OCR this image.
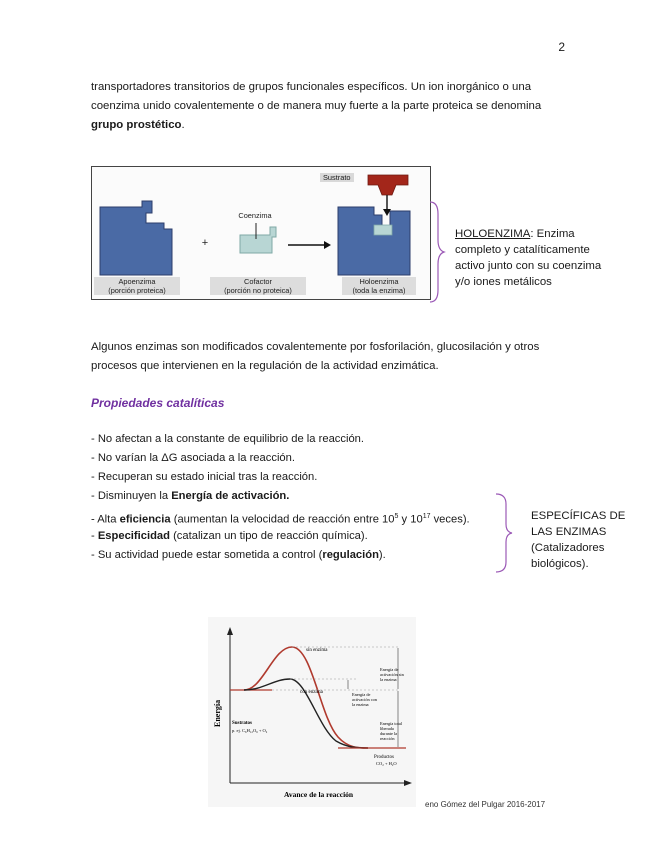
2
transportadores transitorios de grupos funcionales específicos. Un ion inorgánico o una
coenzima unido covalentemente o de manera muy fuerte a la parte proteica se denomina
grupo prostético.
Sustrato
Coenzima
+
Apoenzima
(porción proteica)
Cofactor
(porción no proteica)
Holoenzima
(toda la enzima)
HOLOENZIMA: Enzima
completo y catalíticamente
activo junto con su coenzima
y/o iones metálicos
Algunos enzimas son modificados covalentemente por fosforilación, glucosilación y otros
procesos que intervienen en la regulación de la actividad enzimática.
Propiedades catalíticas
- No afectan a la constante de equilibrio de la reacción.
- No varían la ΔG asociada a la reacción.
- Recuperan su estado inicial tras la reacción.
- Disminuyen la Energía de activación.
- Alta eficiencia (aumentan la velocidad de reacción entre $10^5$ y $10^{17}$ veces).
- Especificidad (catalizan un tipo de reacción química).
- Su actividad puede estar sometida a control (regulación).
ESPECÍFICAS DE
LAS ENZIMAS
(Catalizadores
biológicos).
Energía
Avance de la reacción
sin enzima
con enzima
Sustratos
p. ej. C₆H₁₂O₆ + O₂
Productos
CO₂ + H₂O
Energía de
activación sin
la enzima
Energía de
activación con
la enzima
Energía total
liberada
durante la
reacción
eno Gómez del Pulgar 2016-2017
